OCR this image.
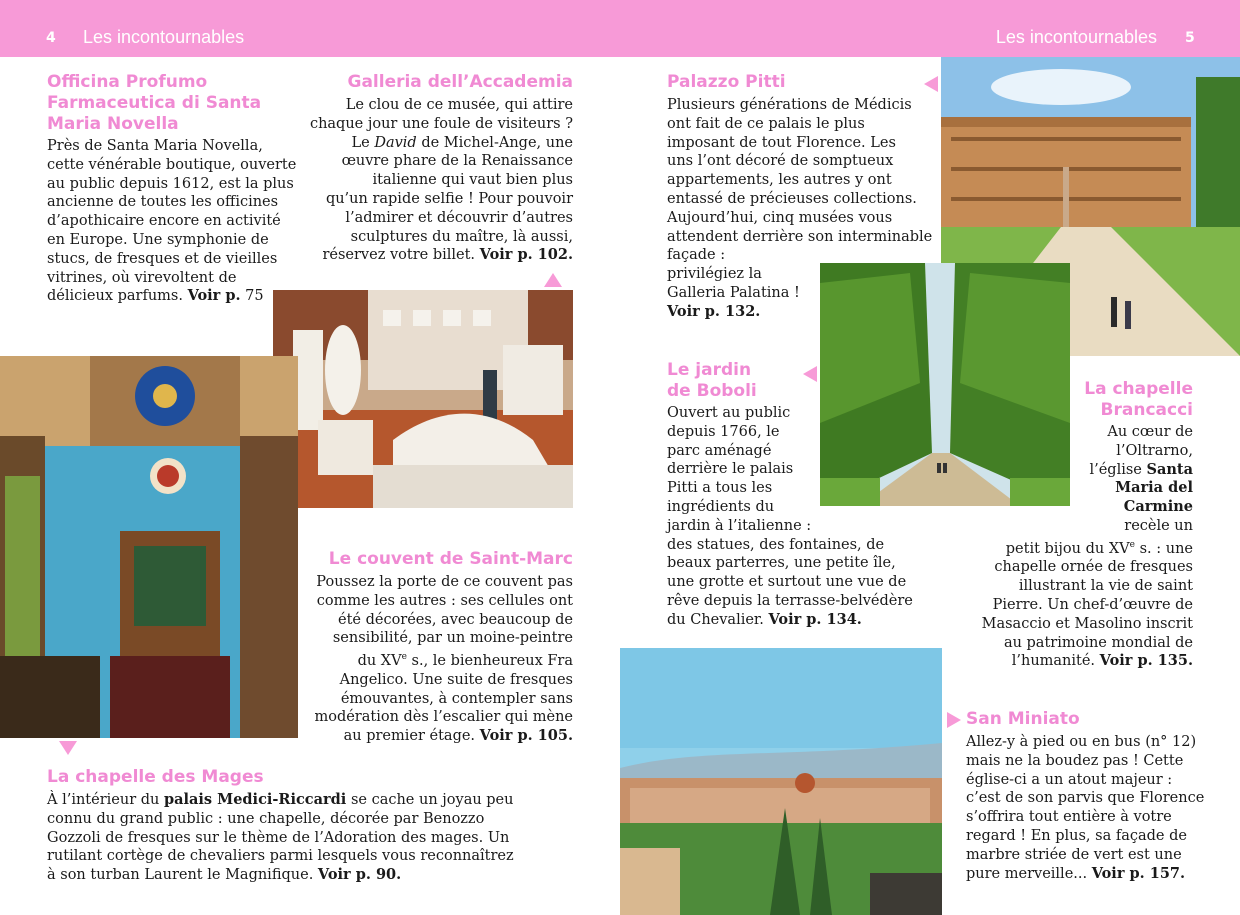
4 Les incontournables	Les incontournables 5
Officina Profumo
Farmaceutica di Santa
Maria Novella
Près de Santa Maria Novella,
cette vénérable boutique, ouverte
au public depuis 1612, est la plus
ancienne de toutes les officines
d’apothicaire encore en activité
en Europe. Une symphonie de
stucs, de fresques et de vieilles
vitrines, où virevoltent de
délicieux parfums. Voir p. 75
Galleria dell’Accademia
Le clou de ce musée, qui attire
chaque jour une foule de visiteurs ?
Le David de Michel-Ange, une
œuvre phare de la Renaissance
italienne qui vaut bien plus
qu’un rapide selfie ! Pour pouvoir
l’admirer et découvrir d’autres
sculptures du maître, là aussi,
réservez votre billet. Voir p. 102.
Le couvent de Saint-Marc
Poussez la porte de ce couvent pas
comme les autres : ses cellules ont
été décorées, avec beaucoup de
sensibilité, par un moine-peintre
du XVe s., le bienheureux Fra
Angelico. Une suite de fresques
émouvantes, à contempler sans
modération dès l’escalier qui mène
au premier étage. Voir p. 105.
La chapelle des Mages
À l’intérieur du palais Medici-Riccardi se cache un joyau peu
connu du grand public : une chapelle, décorée par Benozzo
Gozzoli de fresques sur le thème de l’Adoration des mages. Un
rutilant cortège de chevaliers parmi lesquels vous reconnaîtrez
à son turban Laurent le Magnifique. Voir p. 90.
Palazzo Pitti
Plusieurs générations de Médicis
ont fait de ce palais le plus
imposant de tout Florence. Les
uns l’ont décoré de somptueux
appartements, les autres y ont
entassé de précieuses collections.
Aujourd’hui, cinq musées vous
attendent derrière son interminable
façade :
privilégiez la
Galleria Palatina !
Voir p. 132.
Le jardin
de Boboli
Ouvert au public
depuis 1766, le
parc aménagé
derrière le palais
Pitti a tous les
ingrédients du
jardin à l’italienne :
des statues, des fontaines, de
beaux parterres, une petite île,
une grotte et surtout une vue de
rêve depuis la terrasse-belvédère
du Chevalier. Voir p. 134.
La chapelle
Brancacci
Au cœur de
l’Oltrarno,
l’église Santa
Maria del
Carmine
recèle un
petit bijou du XVe s. : une
chapelle ornée de fresques
illustrant la vie de saint
Pierre. Un chef-d’œuvre de
Masaccio et Masolino inscrit
au patrimoine mondial de
l’humanité. Voir p. 135.
San Miniato
Allez-y à pied ou en bus (n° 12)
mais ne la boudez pas ! Cette
église-ci a un atout majeur :
c’est de son parvis que Florence
s’offrira tout entière à votre
regard ! En plus, sa façade de
marbre striée de vert est une
pure merveille... Voir p. 157.
